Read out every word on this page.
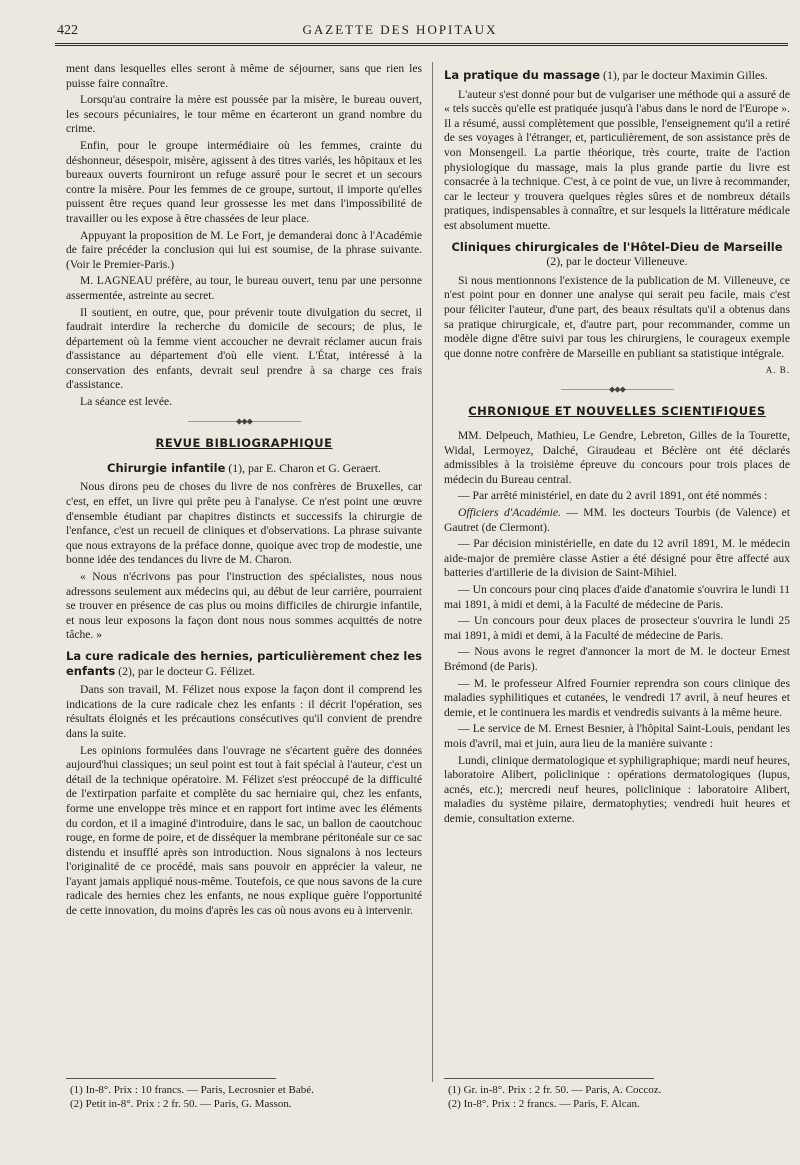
422	GAZETTE DES HOPITAUX

ment dans lesquelles elles seront à même de séjourner, sans que rien les puisse faire connaître.

Lorsqu'au contraire la mère est poussée par la misère, le bureau ouvert, les secours pécuniaires, le tour même en écarteront un grand nombre du crime.

Enfin, pour le groupe intermédiaire où les femmes, crainte du déshonneur, désespoir, misère, agissent à des titres variés, les hôpitaux et les bureaux ouverts fourniront un refuge assuré pour le secret et un secours contre la misère. Pour les femmes de ce groupe, surtout, il importe qu'elles puissent être reçues quand leur grossesse les met dans l'impossibilité de travailler ou les expose à être chassées de leur place.

Appuyant la proposition de M. Le Fort, je demanderai donc à l'Académie de faire précéder la conclusion qui lui est soumise, de la phrase suivante. (Voir le Premier-Paris.)

M. LAGNEAU préfère, au tour, le bureau ouvert, tenu par une personne assermentée, astreinte au secret.

Il soutient, en outre, que, pour prévenir toute divulgation du secret, il faudrait interdire la recherche du domicile de secours; de plus, le département où la femme vient accoucher ne devrait réclamer aucun frais d'assistance au département d'où elle vient. L'État, intéressé à la conservation des enfants, devrait seul prendre à sa charge ces frais d'assistance.

La séance est levée.

——————⬥⬥⬥——————
REVUE BIBLIOGRAPHIQUE

Chirurgie infantile (1), par E. Charon et G. Geraert.

Nous dirons peu de choses du livre de nos confrères de Bruxelles, car c'est, en effet, un livre qui prête peu à l'analyse. Ce n'est point une œuvre d'ensemble étudiant par chapitres distincts et successifs la chirurgie de l'enfance, c'est un recueil de cliniques et d'observations. La phrase suivante que nous extrayons de la préface donne, quoique avec trop de modestie, une bonne idée des tendances du livre de M. Charon.

« Nous n'écrivons pas pour l'instruction des spécialistes, nous nous adressons seulement aux médecins qui, au début de leur carrière, pourraient se trouver en présence de cas plus ou moins difficiles de chirurgie infantile, et nous leur exposons la façon dont nous nous sommes acquittés de notre tâche. »

La cure radicale des hernies, particulièrement chez les enfants (2), par le docteur G. Félizet.

Dans son travail, M. Félizet nous expose la façon dont il comprend les indications de la cure radicale chez les enfants : il décrit l'opération, ses résultats éloignés et les précautions consécutives qu'il convient de prendre dans la suite.

Les opinions formulées dans l'ouvrage ne s'écartent guère des données aujourd'hui classiques; un seul point est tout à fait spécial à l'auteur, c'est un détail de la technique opératoire. M. Félizet s'est préoccupé de la difficulté de l'extirpation parfaite et complète du sac herniaire qui, chez les enfants, forme une enveloppe très mince et en rapport fort intime avec les éléments du cordon, et il a imaginé d'introduire, dans le sac, un ballon de caoutchouc rouge, en forme de poire, et de disséquer la membrane péritonéale sur ce sac distendu et insufflé après son introduction. Nous signalons à nos lecteurs l'originalité de ce procédé, mais sans pouvoir en apprécier la valeur, ne l'ayant jamais appliqué nous-même. Toutefois, ce que nous savons de la cure radicale des hernies chez les enfants, ne nous explique guère l'opportunité de cette innovation, du moins d'après les cas où nous avons eu à intervenir.

La pratique du massage (1), par le docteur Maximin Gilles.

L'auteur s'est donné pour but de vulgariser une méthode qui a assuré de « tels succès qu'elle est pratiquée jusqu'à l'abus dans le nord de l'Europe ». Il a résumé, aussi complètement que possible, l'enseignement qu'il a retiré de ses voyages à l'étranger, et, particulièrement, de son assistance près de von Monsengeil. La partie théorique, très courte, traite de l'action physiologique du massage, mais la plus grande partie du livre est consacrée à la technique. C'est, à ce point de vue, un livre à recommander, car le lecteur y trouvera quelques règles sûres et de nombreux détails pratiques, indispensables à connaître, et sur lesquels la littérature médicale est absolument muette.

Cliniques chirurgicales de l'Hôtel-Dieu de Marseille (2), par le docteur Villeneuve.

Si nous mentionnons l'existence de la publication de M. Villeneuve, ce n'est point pour en donner une analyse qui serait peu facile, mais c'est pour féliciter l'auteur, d'une part, des beaux résultats qu'il a obtenus dans sa pratique chirurgicale, et, d'autre part, pour recommander, comme un modèle digne d'être suivi par tous les chirurgiens, le courageux exemple que donne notre confrère de Marseille en publiant sa statistique intégrale.

A. B.
——————⬥⬥⬥——————
CHRONIQUE ET NOUVELLES SCIENTIFIQUES

MM. Delpeuch, Mathieu, Le Gendre, Lebreton, Gilles de la Tourette, Widal, Lermoyez, Dalché, Giraudeau et Béclère ont été déclarés admissibles à la troisième épreuve du concours pour trois places de médecin du Bureau central.

— Par arrêté ministériel, en date du 2 avril 1891, ont été nommés :

Officiers d'Académie. — MM. les docteurs Tourbis (de Valence) et Gautret (de Clermont).

— Par décision ministérielle, en date du 12 avril 1891, M. le médecin aide-major de première classe Astier a été désigné pour être affecté aux batteries d'artillerie de la division de Saint-Mihiel.

— Un concours pour cinq places d'aide d'anatomie s'ouvrira le lundi 11 mai 1891, à midi et demi, à la Faculté de médecine de Paris.

— Un concours pour deux places de prosecteur s'ouvrira le lundi 25 mai 1891, à midi et demi, à la Faculté de médecine de Paris.

— Nous avons le regret d'annoncer la mort de M. le docteur Ernest Brémond (de Paris).

— M. le professeur Alfred Fournier reprendra son cours clinique des maladies syphilitiques et cutanées, le vendredi 17 avril, à neuf heures et demie, et le continuera les mardis et vendredis suivants à la même heure.

— Le service de M. Ernest Besnier, à l'hôpital Saint-Louis, pendant les mois d'avril, mai et juin, aura lieu de la manière suivante :

Lundi, clinique dermatologique et syphiligraphique; mardi neuf heures, laboratoire Alibert, policlinique : opérations dermatologiques (lupus, acnés, etc.); mercredi neuf heures, policlinique : laboratoire Alibert, maladies du système pilaire, dermatophyties; vendredi huit heures et demie, consultation externe.

(1) In-8°. Prix : 10 francs. — Paris, Lecrosnier et Babé.
(2) Petit in-8°. Prix : 2 fr. 50. — Paris, G. Masson.
(1) Gr. in-8°. Prix : 2 fr. 50. — Paris, A. Coccoz.
(2) In-8°. Prix : 2 francs. — Paris, F. Alcan.
